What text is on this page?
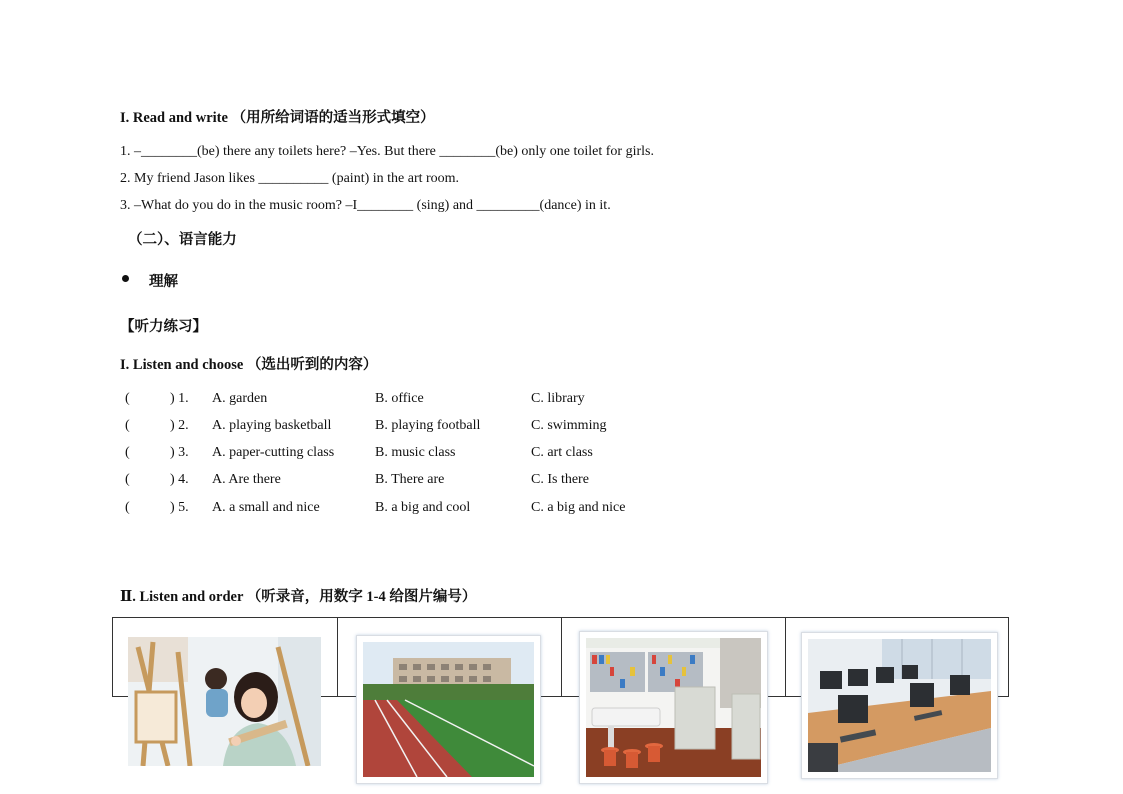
I. Read and write （用所给词语的适当形式填空）
1. –________(be) there any toilets here? –Yes. But there ________(be) only one toilet for girls.
2. My friend Jason likes __________ (paint) in the art room.
3. –What do you do in the music room? –I________ (sing) and _________(dance) in it.
（二）、语言能力
理解
【听力练习】
I. Listen and choose （选出听到的内容）
(	) 1. A. garden	B. office	C. library
(	) 2. A. playing basketball	B. playing football	C. swimming
(	) 3. A. paper-cutting class	B. music class	C. art class
(	) 4. A. Are there	B. There are	C. Is there
(	) 5. A. a small and nice	B. a big and cool	C. a big and nice
Ⅱ. Listen and order （听录音，用数字 1-4 给图片编号）
